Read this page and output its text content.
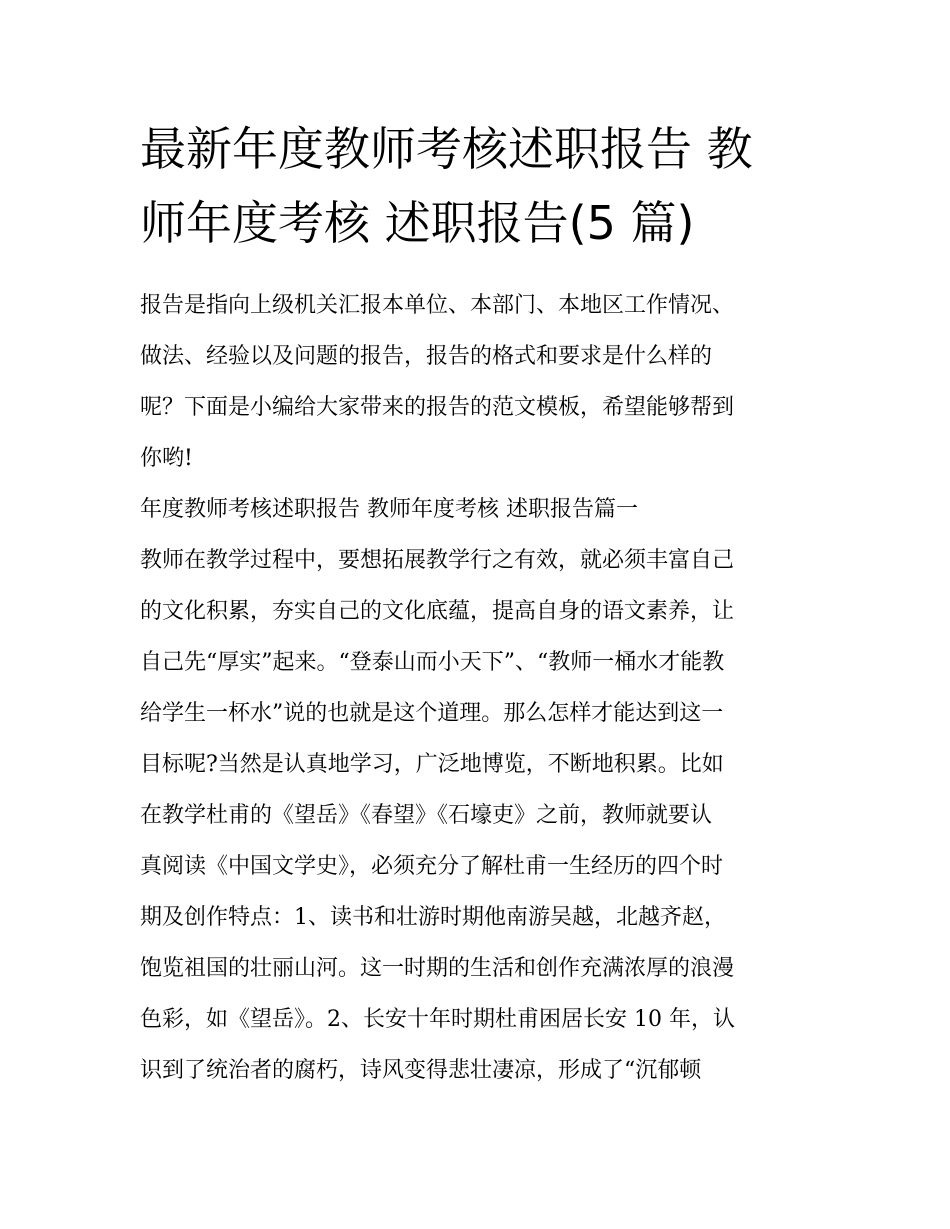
最新年度教师考核述职报告 教
师年度考核 述职报告(5 篇)
报告是指向上级机关汇报本单位、本部门、本地区工作情况、
做法、经验以及问题的报告，报告的格式和要求是什么样的
呢？下面是小编给大家带来的报告的范文模板，希望能够帮到
你哟!
年度教师考核述职报告 教师年度考核 述职报告篇一
教师在教学过程中，要想拓展教学行之有效，就必须丰富自己
的文化积累，夯实自己的文化底蕴，提高自身的语文素养，让
自己先“厚实”起来。“登泰山而小天下”、“教师一桶水才能教
给学生一杯水”说的也就是这个道理。那么怎样才能达到这一
目标呢?当然是认真地学习，广泛地博览，不断地积累。比如
在教学杜甫的《望岳》《春望》《石壕吏》之前，教师就要认
真阅读《中国文学史》，必须充分了解杜甫一生经历的四个时
期及创作特点：1、读书和壮游时期他南游吴越，北越齐赵，
饱览祖国的壮丽山河。这一时期的生活和创作充满浓厚的浪漫
色彩，如《望岳》。2、长安十年时期杜甫困居长安 10 年，认
识到了统治者的腐朽，诗风变得悲壮凄凉，形成了“沉郁顿
